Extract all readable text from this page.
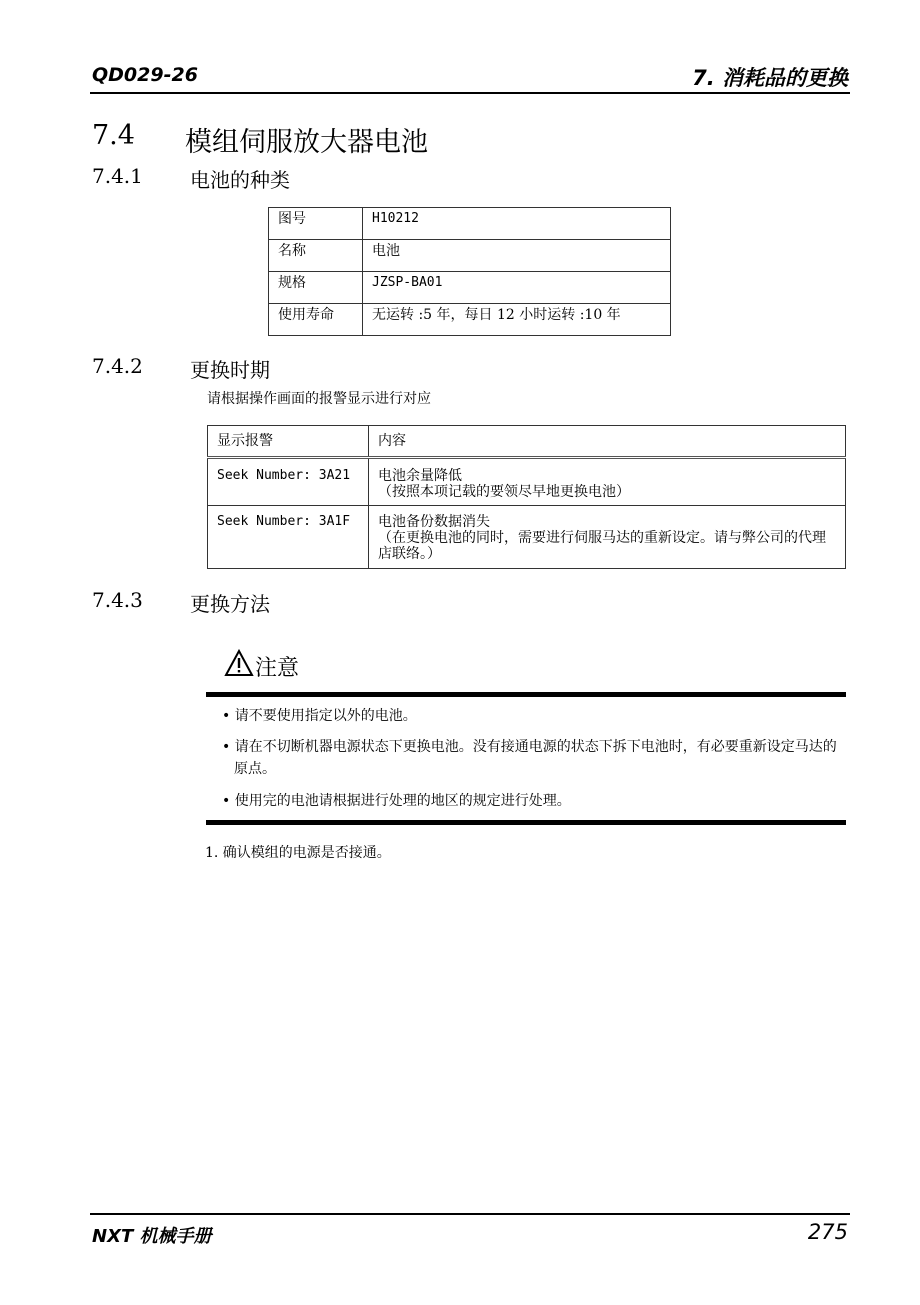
QD029-26	7. 消耗品的更换
7.4 模组伺服放大器电池
7.4.1 电池的种类
图号	H10212
名称	电池
规格	JZSP-BA01
使用寿命	无运转 :5 年，每日 12 小时运转 :10 年
7.4.2 更换时期
请根据操作画面的报警显示进行对应
显示报警	内容
Seek Number: 3A21	电池余量降低
（按照本项记载的要领尽早地更换电池）

Seek Number: 3A1F	电池备份数据消失
（在更换电池的同时，需要进行伺服马达的重新设定。请与弊公司的代理店联络。）
7.4.3 更换方法
注意
• 请不要使用指定以外的电池。
• 请在不切断机器电源状态下更换电池。没有接通电源的状态下拆下电池时，有必要重新设定马达的原点。
• 使用完的电池请根据进行处理的地区的规定进行处理。
1. 确认模组的电源是否接通。
NXT 机械手册	275
